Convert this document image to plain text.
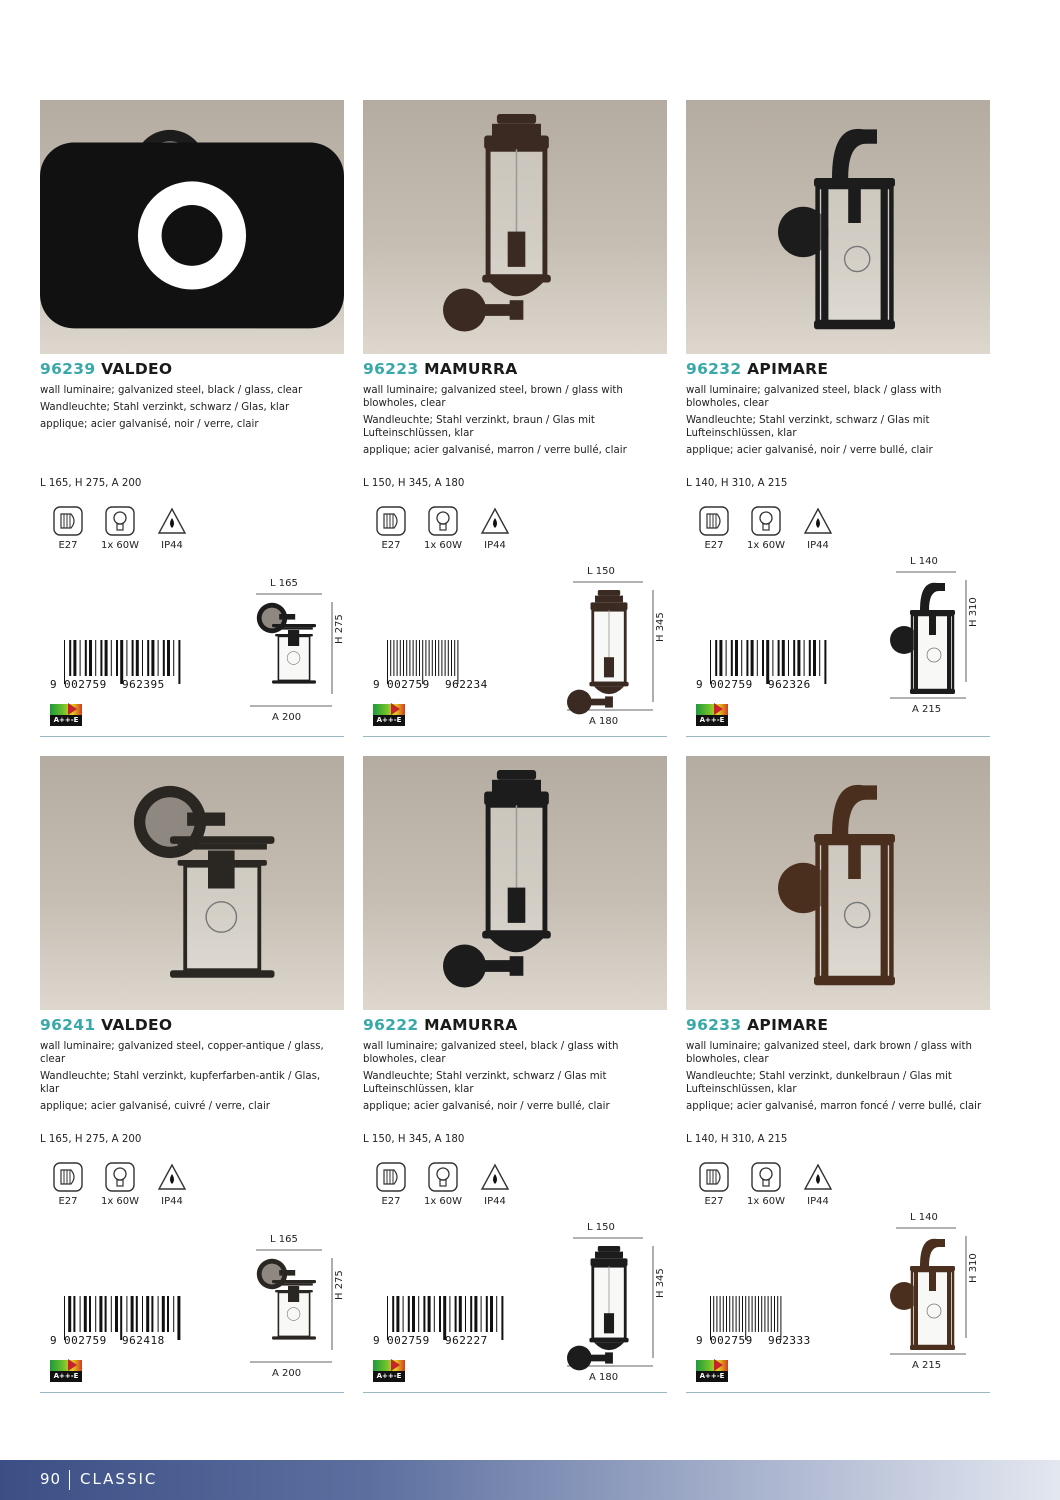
96239 VALDEO

wall luminaire; galvanized steel, black / glass, clear

Wandleuchte; Stahl verzinkt, schwarz / Glas, klar

applique; acier galvanisé, noir / verre, clair

L 165, H 275, A 200
E27	1x 60W	IP44
9 002759 962395
A++-E
L 165
H 275
A 200
96223 MAMURRA

wall luminaire; galvanized steel, brown / glass with blowholes, clear

Wandleuchte; Stahl verzinkt, braun / Glas mit Lufteinschlüssen, klar

applique; acier galvanisé, marron / verre bullé, clair

L 150, H 345, A 180
E27	1x 60W	IP44
9 002759 962234
A++-E
L 150
H 345
A 180
96232 APIMARE

wall luminaire; galvanized steel, black / glass with blowholes, clear

Wandleuchte; Stahl verzinkt, schwarz / Glas mit Lufteinschlüssen, klar

applique; acier galvanisé, noir / verre bullé, clair

L 140, H 310, A 215
E27	1x 60W	IP44
9 002759 962326
A++-E
L 140
H 310
A 215
96241 VALDEO

wall luminaire; galvanized steel, copper-antique / glass, clear

Wandleuchte; Stahl verzinkt, kupferfarben-antik / Glas, klar

applique; acier galvanisé, cuivré / verre, clair

L 165, H 275, A 200
E27	1x 60W	IP44
9 002759 962418
A++-E
L 165
H 275
A 200
96222 MAMURRA

wall luminaire; galvanized steel, black / glass with blowholes, clear

Wandleuchte; Stahl verzinkt, schwarz / Glas mit Lufteinschlüssen, klar

applique; acier galvanisé, noir / verre bullé, clair

L 150, H 345, A 180
E27	1x 60W	IP44
9 002759 962227
A++-E
L 150
H 345
A 180
96233 APIMARE

wall luminaire; galvanized steel, dark brown / glass with blowholes, clear

Wandleuchte; Stahl verzinkt, dunkelbraun / Glas mit Lufteinschlüssen, klar

applique; acier galvanisé, marron foncé / verre bullé, clair

L 140, H 310, A 215
E27	1x 60W	IP44
9 002759 962333
A++-E
L 140
H 310
A 215
90 CLASSIC
